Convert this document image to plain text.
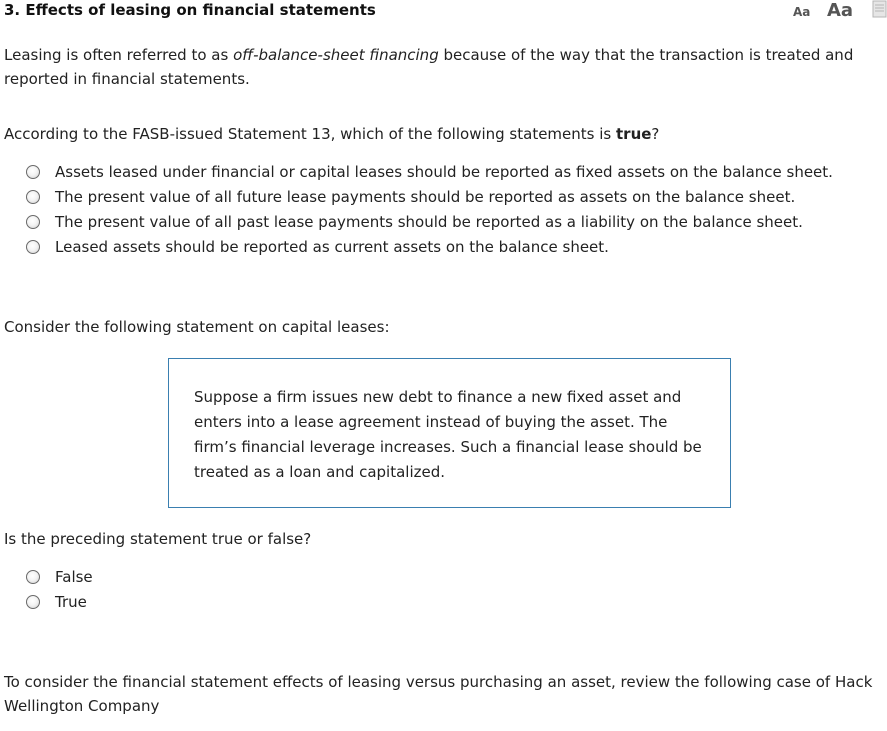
3. Effects of leasing on financial statements	Aa Aa

Leasing is often referred to as off-balance-sheet financing because of the way that the transaction is treated and reported in financial statements.

According to the FASB-issued Statement 13, which of the following statements is true?
Assets leased under financial or capital leases should be reported as fixed assets on the balance sheet.
The present value of all future lease payments should be reported as assets on the balance sheet.
The present value of all past lease payments should be reported as a liability on the balance sheet.
Leased assets should be reported as current assets on the balance sheet.
Consider the following statement on capital leases:

Suppose a firm issues new debt to finance a new fixed asset and enters into a lease agreement instead of buying the asset. The firm’s financial leverage increases. Such a financial lease should be treated as a loan and capitalized.

Is the preceding statement true or false?
False
True

To consider the financial statement effects of leasing versus purchasing an asset, review the following case of Hack Wellington Company
